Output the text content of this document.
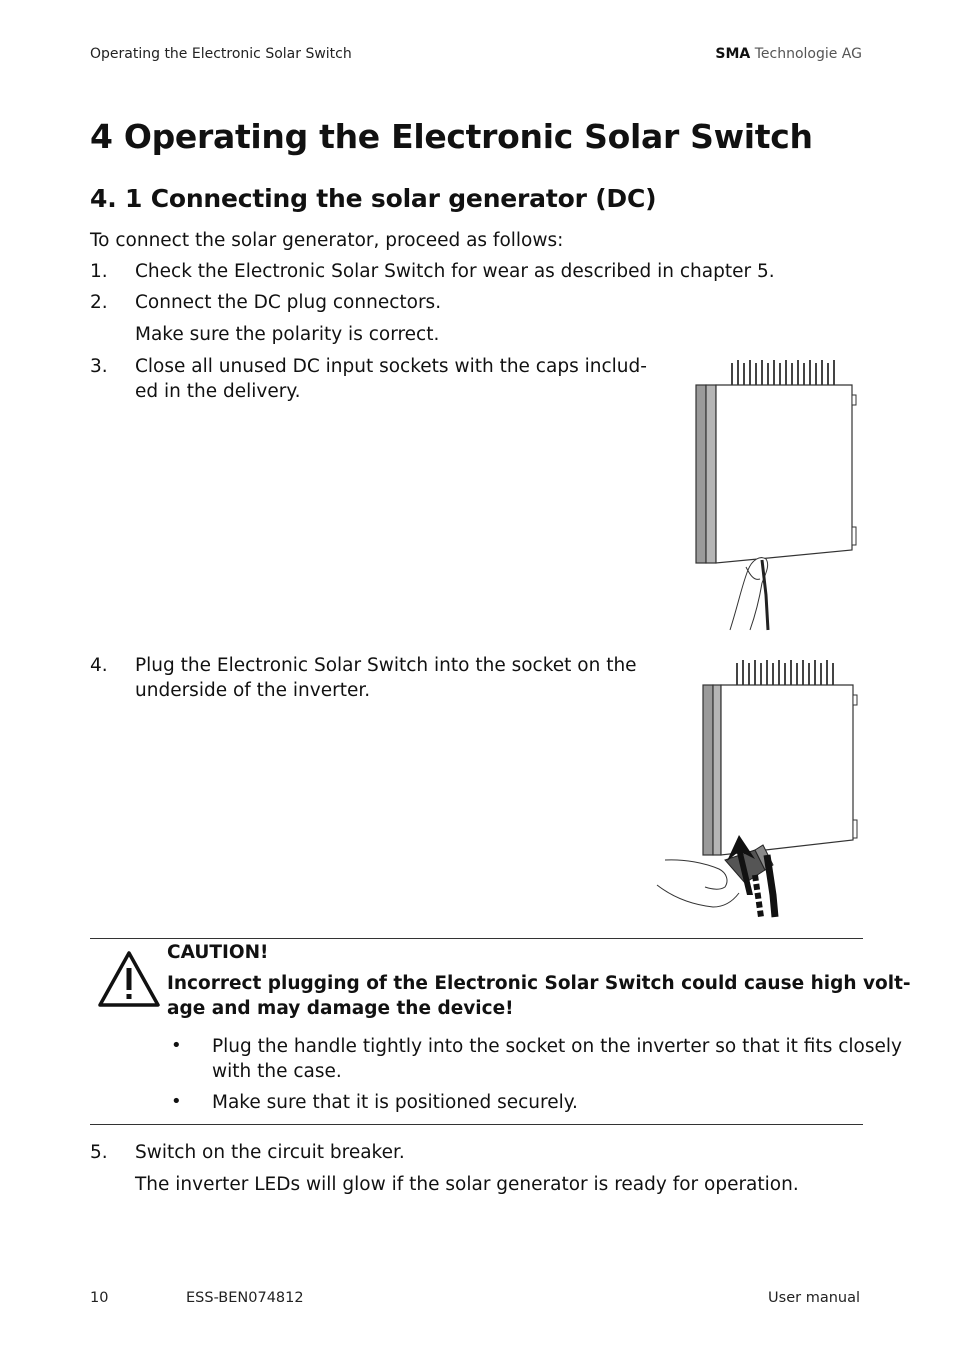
Operating the Electronic Solar Switch	SMA Technologie AG
4 Operating the Electronic Solar Switch
4. 1 Connecting the solar generator (DC)
To connect the solar generator, proceed as follows:
1. Check the Electronic Solar Switch for wear as described in chapter 5.
2. Connect the DC plug connectors.
Make sure the polarity is correct.
3. Close all unused DC input sockets with the caps includ-
ed in the delivery.
4. Plug the Electronic Solar Switch into the socket on the
underside of the inverter.
CAUTION!
Incorrect plugging of the Electronic Solar Switch could cause high volt-
age and may damage the device!
• Plug the handle tightly into the socket on the inverter so that it fits closely
with the case.
• Make sure that it is positioned securely.
5. Switch on the circuit breaker.
The inverter LEDs will glow if the solar generator is ready for operation.
10	ESS-BEN074812	User manual
